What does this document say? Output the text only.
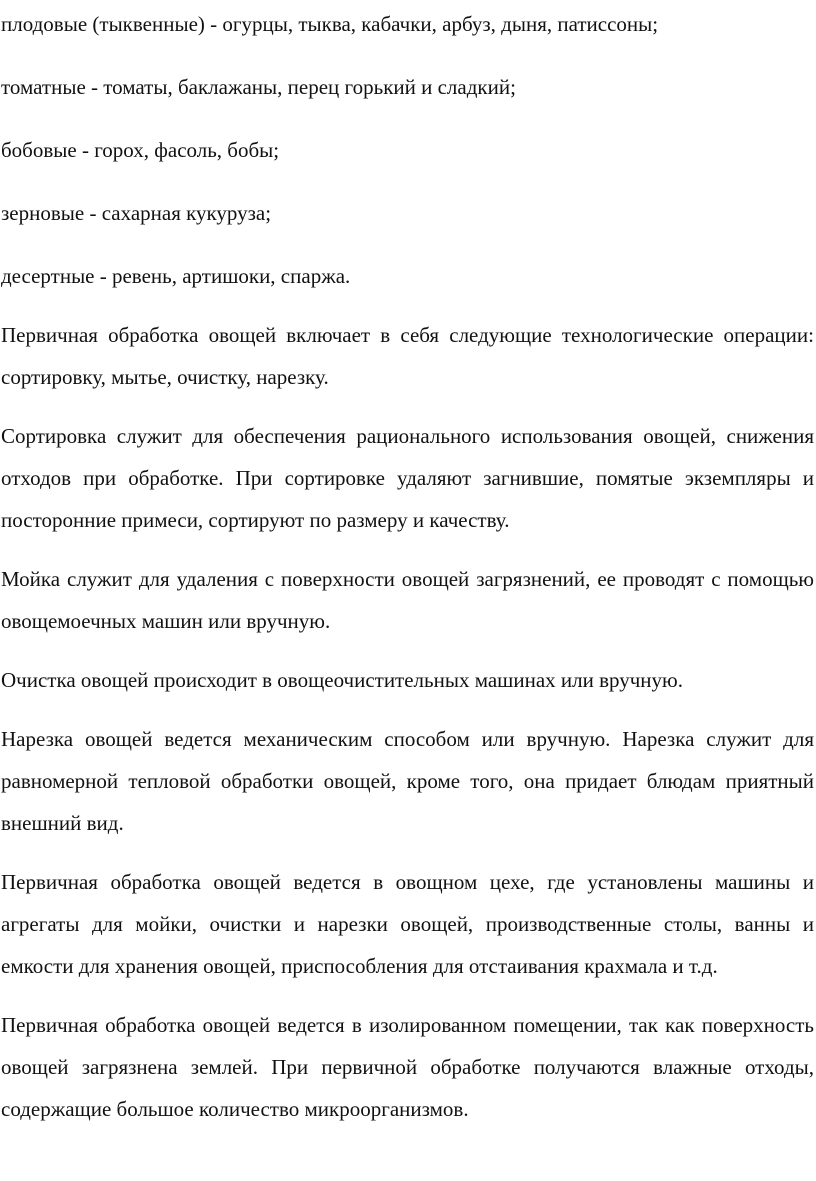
плодовые (тыквенные) - огурцы, тыква, кабачки, арбуз, дыня, патиссоны;

томатные - томаты, баклажаны, перец горький и сладкий;

бобовые - горох, фасоль, бобы;

зерновые - сахарная кукуруза;

десертные - ревень, артишоки, спаржа.

Первичная обработка овощей включает в себя следующие технологические операции: сортировку, мытье, очистку, нарезку.

Сортировка служит для обеспечения рационального использования овощей, снижения отходов при обработке. При сортировке удаляют загнившие, помятые экземпляры и посторонние примеси, сортируют по размеру и качеству.

Мойка служит для удаления с поверхности овощей загрязнений, ее проводят с помощью овощемоечных машин или вручную.

Очистка овощей происходит в овощеочистительных машинах или вручную.

Нарезка овощей ведется механическим способом или вручную. Нарезка служит для равномерной тепловой обработки овощей, кроме того, она придает блюдам приятный внешний вид.

Первичная обработка овощей ведется в овощном цехе, где установлены машины и агрегаты для мойки, очистки и нарезки овощей, производственные столы, ванны и емкости для хранения овощей, приспособления для отстаивания крахмала и т.д.

Первичная обработка овощей ведется в изолированном помещении, так как поверхность овощей загрязнена землей. При первичной обработке получаются влажные отходы, содержащие большое количество микроорганизмов.
